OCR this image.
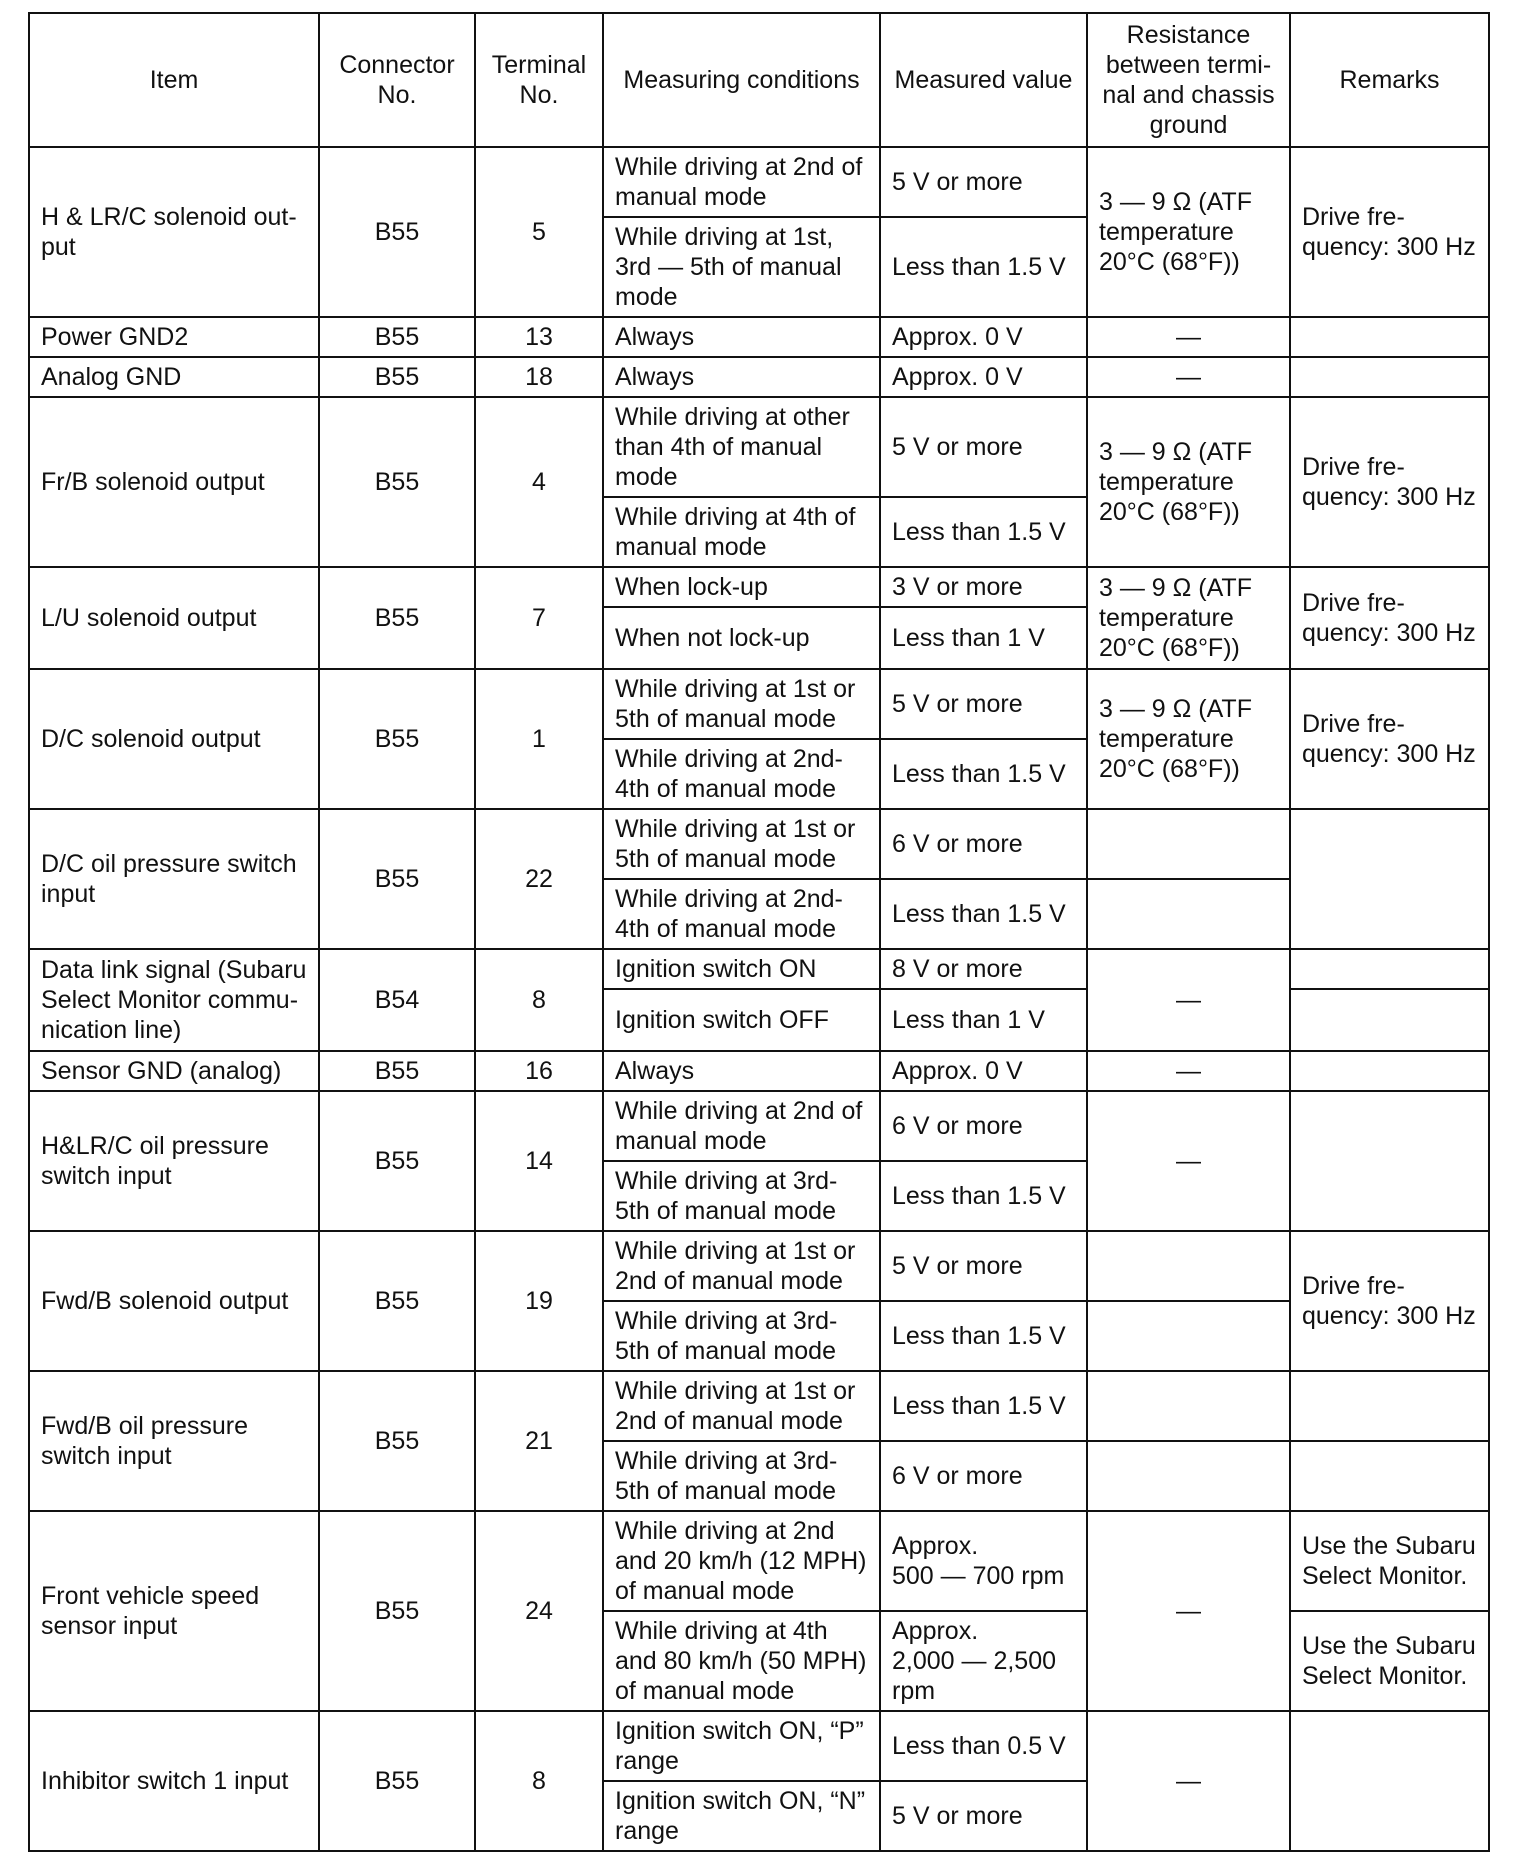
Item	Connector
No.	Terminal
No.	Measuring conditions	Measured value	Resistance
between termi-
nal and chassis
ground	Remarks
H & LR/C solenoid out-
put	B55	5	While driving at 2nd of
manual mode	5 V or more	3 — 9 Ω (ATF
temperature
20°C (68°F))	Drive fre-
quency: 300 Hz
			While driving at 1st,
3rd — 5th of manual
mode	Less than 1.5 V		
Power GND2	B55	13	Always	Approx. 0 V	—	
Analog GND	B55	18	Always	Approx. 0 V	—	
Fr/B solenoid output	B55	4	While driving at other
than 4th of manual
mode	5 V or more	3 — 9 Ω (ATF
temperature
20°C (68°F))	Drive fre-
quency: 300 Hz
			While driving at 4th of
manual mode	Less than 1.5 V		
L/U solenoid output	B55	7	When lock-up	3 V or more	3 — 9 Ω (ATF
temperature
20°C (68°F))	Drive fre-
quency: 300 Hz
			When not lock-up	Less than 1 V		
D/C solenoid output	B55	1	While driving at 1st or
5th of manual mode	5 V or more	3 — 9 Ω (ATF
temperature
20°C (68°F))	Drive fre-
quency: 300 Hz
			While driving at 2nd-
4th of manual mode	Less than 1.5 V		
D/C oil pressure switch
input	B55	22	While driving at 1st or
5th of manual mode	6 V or more		
			While driving at 2nd-
4th of manual mode	Less than 1.5 V		
Data link signal (Subaru
Select Monitor commu-
nication line)	B54	8	Ignition switch ON	8 V or more	—	
			Ignition switch OFF	Less than 1 V		
Sensor GND (analog)	B55	16	Always	Approx. 0 V	—	
H&LR/C oil pressure
switch input	B55	14	While driving at 2nd of
manual mode	6 V or more	—	
			While driving at 3rd-
5th of manual mode	Less than 1.5 V		
Fwd/B solenoid output	B55	19	While driving at 1st or
2nd of manual mode	5 V or more		Drive fre-
quency: 300 Hz
			While driving at 3rd-
5th of manual mode	Less than 1.5 V		
Fwd/B oil pressure
switch input	B55	21	While driving at 1st or
2nd of manual mode	Less than 1.5 V		
			While driving at 3rd-
5th of manual mode	6 V or more		
Front vehicle speed
sensor input	B55	24	While driving at 2nd
and 20 km/h (12 MPH)
of manual mode	Approx.
500 — 700 rpm	—	Use the Subaru
Select Monitor.
			While driving at 4th
and 80 km/h (50 MPH)
of manual mode	Approx.
2,000 — 2,500
rpm		Use the Subaru
Select Monitor.
Inhibitor switch 1 input	B55	8	Ignition switch ON, “P”
range	Less than 0.5 V	—	
			Ignition switch ON, “N”
range	5 V or more		
